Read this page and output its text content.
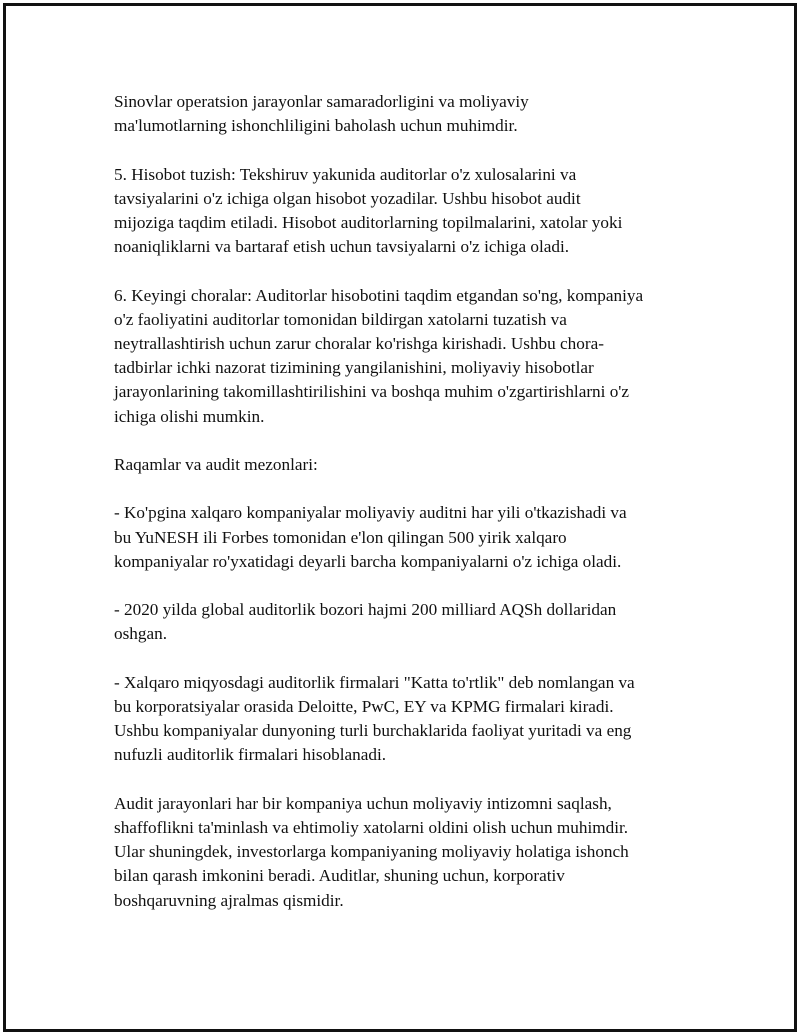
Sinovlar operatsion jarayonlar samaradorligini va moliyaviy
ma'lumotlarning ishonchliligini baholash uchun muhimdir.

5. Hisobot tuzish: Tekshiruv yakunida auditorlar o'z xulosalarini va
tavsiyalarini o'z ichiga olgan hisobot yozadilar. Ushbu hisobot audit
mijoziga taqdim etiladi. Hisobot auditorlarning topilmalarini, xatolar yoki
noaniqliklarni va bartaraf etish uchun tavsiyalarni o'z ichiga oladi.

6. Keyingi choralar: Auditorlar hisobotini taqdim etgandan so'ng, kompaniya
o'z faoliyatini auditorlar tomonidan bildirgan xatolarni tuzatish va
neytrallashtirish uchun zarur choralar ko'rishga kirishadi. Ushbu chora-
tadbirlar ichki nazorat tizimining yangilanishini, moliyaviy hisobotlar
jarayonlarining takomillashtirilishini va boshqa muhim o'zgartirishlarni o'z
ichiga olishi mumkin.

Raqamlar va audit mezonlari:

- Ko'pgina xalqaro kompaniyalar moliyaviy auditni har yili o'tkazishadi va
bu YuNESH ili Forbes tomonidan e'lon qilingan 500 yirik xalqaro
kompaniyalar ro'yxatidagi deyarli barcha kompaniyalarni o'z ichiga oladi.

- 2020 yilda global auditorlik bozori hajmi 200 milliard AQSh dollaridan
oshgan.

- Xalqaro miqyosdagi auditorlik firmalari "Katta to'rtlik" deb nomlangan va
bu korporatsiyalar orasida Deloitte, PwC, EY va KPMG firmalari kiradi.
Ushbu kompaniyalar dunyoning turli burchaklarida faoliyat yuritadi va eng
nufuzli auditorlik firmalari hisoblanadi.

Audit jarayonlari har bir kompaniya uchun moliyaviy intizomni saqlash,
shaffoflikni ta'minlash va ehtimoliy xatolarni oldini olish uchun muhimdir.
Ular shuningdek, investorlarga kompaniyaning moliyaviy holatiga ishonch
bilan qarash imkonini beradi. Auditlar, shuning uchun, korporativ
boshqaruvning ajralmas qismidir.
